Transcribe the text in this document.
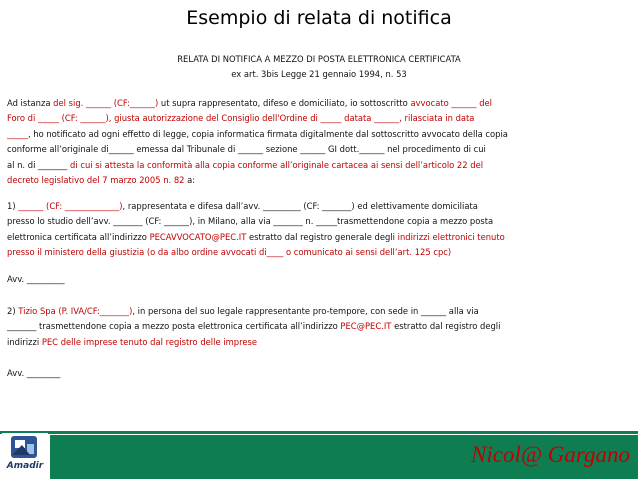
Esempio di relata di notifica
RELATA DI NOTIFICA A MEZZO DI POSTA ELETTRONICA CERTIFICATA
ex art. 3bis Legge 21 gennaio 1994, n. 53
Ad istanza del sig. ______ (CF:______) ut supra rappresentato, difeso e domiciliato, io sottoscritto avvocato ______ del
Foro di _____ (CF: ______), giusta autorizzazione del Consiglio dell'Ordine di _____ datata ______, rilasciata in data
_____, ho notificato ad ogni effetto di legge, copia informatica firmata digitalmente dal sottoscritto avvocato della copia
conforme all’originale di______ emessa dal Tribunale di ______ sezione ______ GI dott.______ nel procedimento di cui
al n. di _______ di cui si attesta la conformità alla copia conforme all’originale cartacea ai sensi dell’articolo 22 del
decreto legislativo del 7 marzo 2005 n. 82 a:
1) ______ (CF: _____________), rappresentata e difesa dall’avv. _________ (CF: _______) ed elettivamente domiciliata
presso lo studio dell’avv. _______ (CF: ______), in Milano, alla via _______ n. _____trasmettendone copia a mezzo posta
elettronica certificata all’indirizzo PECAVVOCATO@PEC.IT estratto dal registro generale degli indirizzi elettronici tenuto
presso il ministero della giustizia (o da albo ordine avvocati di____ o comunicato ai sensi dell’art. 125 cpc)
Avv. _________
2) Tizio Spa (P. IVA/CF:_______), in persona del suo legale rappresentante pro-tempore, con sede in ______ alla via
_______ trasmettendone copia a mezzo posta elettronica certificata all’indirizzo PEC@PEC.IT estratto dal registro degli
indirizzi PEC delle imprese tenuto dal registro delle imprese
Avv. ________
Amadir	Nicol@ Gargano
